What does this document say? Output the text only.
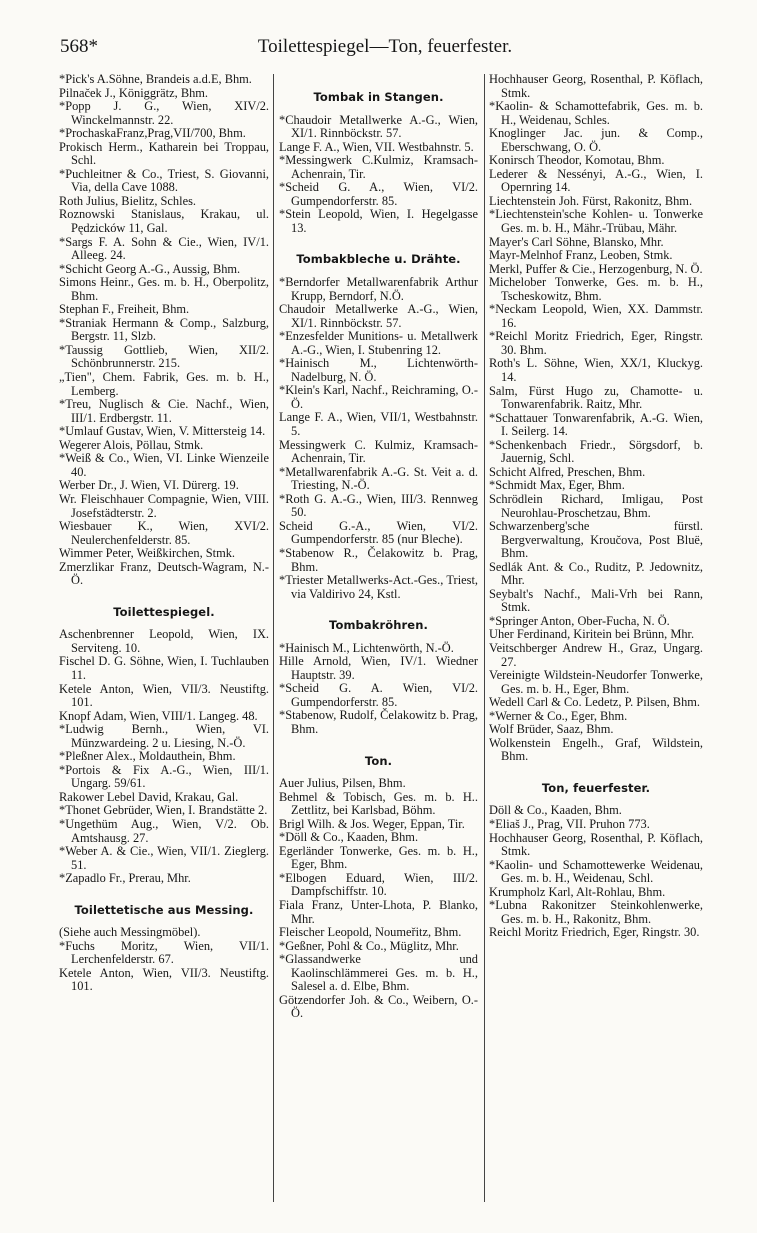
568*	Toilettespiegel—Ton, feuerfester.

*Pick's A.Söhne, Brandeis a.d.E, Bhm.

Pilnaček J., Königgrätz, Bhm.

*Popp J. G., Wien, XIV/2. Winckelmannstr. 22.

*ProchaskaFranz,Prag,VII/700, Bhm.

Prokisch Herm., Katharein bei Troppau, Schl.

*Puchleitner & Co., Triest, S. Giovanni, Via, della Cave 1088.

Roth Julius, Bielitz, Schles.

Roznowski Stanislaus, Krakau, ul. Pędzicków 11, Gal.

*Sargs F. A. Sohn & Cie., Wien, IV/1. Alleeg. 24.

*Schicht Georg A.-G., Aussig, Bhm.

Simons Heinr., Ges. m. b. H., Oberpolitz, Bhm.

Stephan F., Freiheit, Bhm.

*Straniak Hermann & Comp., Salzburg, Bergstr. 11, Slzb.

*Taussig Gottlieb, Wien, XII/2. Schönbrunnerstr. 215.

„Tien", Chem. Fabrik, Ges. m. b. H., Lemberg.

*Treu, Nuglisch & Cie. Nachf., Wien, III/1. Erdbergstr. 11.

*Umlauf Gustav, Wien, V. Mittersteig 14.

Wegerer Alois, Pöllau, Stmk.

*Weiß & Co., Wien, VI. Linke Wienzeile 40.

Werber Dr., J. Wien, VI. Dürerg. 19.

Wr. Fleischhauer Compagnie, Wien, VIII. Josefstädterstr. 2.

Wiesbauer K., Wien, XVI/2. Neulerchenfelderstr. 85.

Wimmer Peter, Weißkirchen, Stmk.

Zmerzlikar Franz, Deutsch-Wagram, N.-Ö.

Toilettespiegel.

Aschenbrenner Leopold, Wien, IX. Serviteng. 10.

Fischel D. G. Söhne, Wien, I. Tuchlauben 11.

Ketele Anton, Wien, VII/3. Neustiftg. 101.

Knopf Adam, Wien, VIII/1. Langeg. 48.

*Ludwig Bernh., Wien, VI. Münzwardeing. 2 u. Liesing, N.-Ö.

*Pleßner Alex., Moldauthein, Bhm.

*Portois & Fix A.-G., Wien, III/1. Ungarg. 59/61.

Rakower Lebel David, Krakau, Gal.

*Thonet Gebrüder, Wien, I. Brandstätte 2.

*Ungethüm Aug., Wien, V/2. Ob. Amtshausg. 27.

*Weber A. & Cie., Wien, VII/1. Zieglerg. 51.

*Zapadlo Fr., Prerau, Mhr.

Toilettetische aus Messing.

(Siehe auch Messingmöbel).

*Fuchs Moritz, Wien, VII/1. Lerchenfelderstr. 67.

Ketele Anton, Wien, VII/3. Neustiftg. 101.

Tombak in Stangen.

*Chaudoir Metallwerke A.-G., Wien, XI/1. Rinnböckstr. 57.

Lange F. A., Wien, VII. Westbahnstr. 5.

*Messingwerk C.Kulmiz, Kramsach-Achenrain, Tir.

*Scheid G. A., Wien, VI/2. Gumpendorferstr. 85.

*Stein Leopold, Wien, I. Hegelgasse 13.

Tombakbleche u. Drähte.

*Berndorfer Metallwarenfabrik Arthur Krupp, Berndorf, N.Ö.

Chaudoir Metallwerke A.-G., Wien, XI/1. Rinnböckstr. 57.

*Enzesfelder Munitions- u. Metallwerk A.-G., Wien, I. Stubenring 12.

*Hainisch M., Lichtenwörth-Nadelburg, N. Ö.

*Klein's Karl, Nachf., Reichraming, O.-Ö.

Lange F. A., Wien, VII/1, Westbahnstr. 5.

Messingwerk C. Kulmiz, Kramsach-Achenrain, Tir.

*Metallwarenfabrik A.-G. St. Veit a. d. Triesting, N.-Ö.

*Roth G. A.-G., Wien, III/3. Rennweg 50.

Scheid G.-A., Wien, VI/2. Gumpendorferstr. 85 (nur Bleche).

*Stabenow R., Čelakowitz b. Prag, Bhm.

*Triester Metallwerks-Act.-Ges., Triest, via Valdirivo 24, Kstl.

Tombakröhren.

*Hainisch M., Lichtenwörth, N.-Ö.

Hille Arnold, Wien, IV/1. Wiedner Hauptstr. 39.

*Scheid G. A. Wien, VI/2. Gumpendorferstr. 85.

*Stabenow, Rudolf, Čelakowitz b. Prag, Bhm.

Ton.

Auer Julius, Pilsen, Bhm.

Behmel & Tobisch, Ges. m. b. H.. Zettlitz, bei Karlsbad, Böhm.

Brigl Wilh. & Jos. Weger, Eppan, Tir.

*Döll & Co., Kaaden, Bhm.

Egerländer Tonwerke, Ges. m. b. H., Eger, Bhm.

*Elbogen Eduard, Wien, III/2. Dampfschiffstr. 10.

Fiala Franz, Unter-Lhota, P. Blanko, Mhr.

Fleischer Leopold, Noumeřitz, Bhm.

*Geßner, Pohl & Co., Müglitz, Mhr.

*Glassandwerke und Kaolinschlämmerei Ges. m. b. H., Salesel a. d. Elbe, Bhm.

Götzendorfer Joh. & Co., Weibern, O.-Ö.

Hochhauser Georg, Rosenthal, P. Köflach, Stmk.

*Kaolin- & Schamottefabrik, Ges. m. b. H., Weidenau, Schles.

Knoglinger Jac. jun. & Comp., Eberschwang, O. Ö.

Konirsch Theodor, Komotau, Bhm.

Lederer & Nessényi, A.-G., Wien, I. Opernring 14.

Liechtenstein Joh. Fürst, Rakonitz, Bhm.

*Liechtenstein'sche Kohlen- u. Tonwerke Ges. m. b. H., Mähr.-Trübau, Mähr.

Mayer's Carl Söhne, Blansko, Mhr.

Mayr-Melnhof Franz, Leoben, Stmk.

Merkl, Puffer & Cie., Herzogenburg, N. Ö.

Michelober Tonwerke, Ges. m. b. H., Tscheskowitz, Bhm.

*Neckam Leopold, Wien, XX. Dammstr. 16.

*Reichl Moritz Friedrich, Eger, Ringstr. 30. Bhm.

Roth's L. Söhne, Wien, XX/1, Kluckyg. 14.

Salm, Fürst Hugo zu, Chamotte- u. Tonwarenfabrik. Raitz, Mhr.

*Schattauer Tonwarenfabrik, A.-G. Wien, I. Seilerg. 14.

*Schenkenbach Friedr., Sörgsdorf, b. Jauernig, Schl.

Schicht Alfred, Preschen, Bhm.

*Schmidt Max, Eger, Bhm.

Schrödlein Richard, Imligau, Post Neurohlau-Proschetzau, Bhm.

Schwarzenberg'sche fürstl. Bergverwaltung, Kroučova, Post Bluë, Bhm.

Sedlák Ant. & Co., Ruditz, P. Jedownitz, Mhr.

Seybalt's Nachf., Mali-Vrh bei Rann, Stmk.

*Springer Anton, Ober-Fucha, N. Ö.

Uher Ferdinand, Kiritein bei Brünn, Mhr.

Veitschberger Andrew H., Graz, Ungarg. 27.

Vereinigte Wildstein-Neudorfer Tonwerke, Ges. m. b. H., Eger, Bhm.

Wedell Carl & Co. Ledetz, P. Pilsen, Bhm.

*Werner & Co., Eger, Bhm.

Wolf Brüder, Saaz, Bhm.

Wolkenstein Engelh., Graf, Wildstein, Bhm.

Ton, feuerfester.

Döll & Co., Kaaden, Bhm.

*Eliaš J., Prag, VII. Pruhon 773.

Hochhauser Georg, Rosenthal, P. Köflach, Stmk.

*Kaolin- und Schamottewerke Weidenau, Ges. m. b. H., Weidenau, Schl.

Krumpholz Karl, Alt-Rohlau, Bhm.

*Lubna Rakonitzer Steinkohlenwerke, Ges. m. b. H., Rakonitz, Bhm.

Reichl Moritz Friedrich, Eger, Ringstr. 30.
